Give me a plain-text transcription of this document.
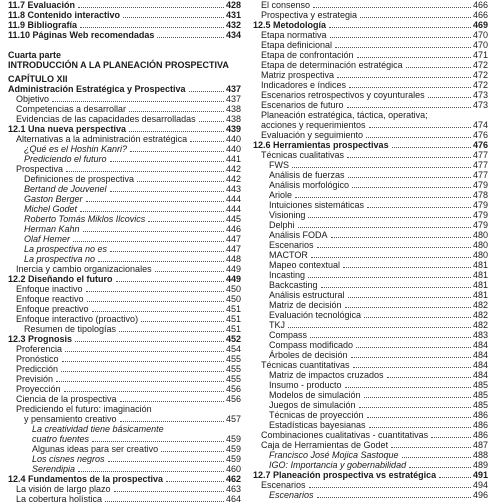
11.7 Evaluación	428
11.8 Contenido interactivo	431
11.9 Bibliografía	432
11.10 Páginas Web recomendadas	434
Cuarta parte
INTRODUCCIÓN A LA PLANEACIÓN PROSPECTIVA
CAPÍTULO XII
Administración Estratégica y Prospectiva	437
Objetivo	437
Competencias a desarrollar	438
Evidencias de las capacidades desarrolladas	438
12.1 Una nueva perspectiva	439
Alternativas a la administración estratégica	440
¿Qué es el Hoshin Kanri?	440
Prediciendo el futuro	441
Prospectiva	442
Definiciones de prospectiva	442
Bertand de Jouvenel	443
Gaston Berger	444
Michel Godet	444
Roberto Tomás Miklos Ilcovics	445
Herman Kahn	446
Olaf Hemer	447
La prospectiva no es	447
La prospectiva no	448
Inercia y cambio organizacionales	449
12.2 Diseñando el futuro	449
Enfoque inactivo	450
Enfoque reactivo	450
Enfoque preactivo	451
Enfoque interactivo (proactivo)	451
Resumen de tipologías	451
12.3 Prognosis	452
Proferencia	454
Pronóstico	455
Predicción	455
Previsión	455
Proyección	456
Ciencia de la prospectiva	456
Prediciendo el futuro: imaginación
y pensamiento creativo	457
La creatividad tiene básicamente
cuatro fuentes	459
Algunas ideas para ser creativo	459
Los cisnes negros	459
Serendipia	460
12.4 Fundamentos de la prospectiva	462
La visión de largo plazo	463
La cobertura holística	464
El consenso	466
Prospectiva y estrategia	466
12.5 Metodología	469
Etapa normativa	470
Etapa definicional	470
Etapa de confrontación	471
Etapa de determinación estratégica	472
Matriz prospectiva	472
Indicadores e índices	472
Escenarios retrospectivos y coyunturales	473
Escenarios de futuro	473
Planeación estratégica, táctica, operativa;
acciones y requerimientos	474
Evaluación y seguimiento	476
12.6 Herramientas prospectivas	476
Técnicas cualitativas	477
FWS	477
Análisis de fuerzas	477
Análisis morfológico	479
Ariole	478
Intuiciones sistemáticas	479
Visioning	479
Delphi	479
Análisis FODA	480
Escenarios	480
MACTOR	480
Mapeo contextual	481
Incasting	481
Backcasting	481
Análisis estructural	481
Matriz de decisión	482
Evaluación tecnológica	482
TKJ	482
Compass	483
Compass modificado	484
Árboles de decisión	484
Técnicas cuantitativas	484
Matriz de impactos cruzados	484
Insumo - producto	485
Modelos de simulación	485
Juegos de simulación	485
Técnicas de proyección	486
Estadísticas bayesianas	486
Combinaciones cualitativas - cuantitativas	486
Caja de Herramientas de Godet	487
Francisco José Mojica Sastoque	488
IGO: Importancia y gobernabilidad	489
12.7 Planeación prospectiva vs estratégica	491
Escenarios	494
Escenarios	496
